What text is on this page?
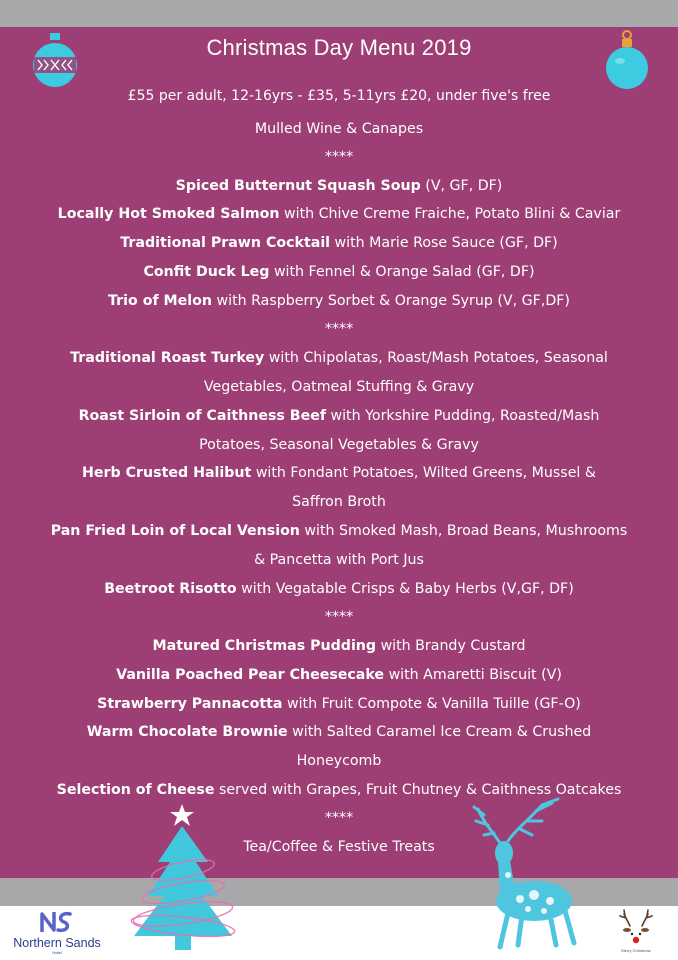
Christmas Day Menu 2019
£55 per adult, 12-16yrs - £35, 5-11yrs £20, under five's free
Mulled Wine & Canapes
****
Spiced Butternut Squash Soup (V, GF, DF)
Locally Hot Smoked Salmon with Chive Creme Fraiche, Potato Blini & Caviar
Traditional Prawn Cocktail with Marie Rose Sauce (GF, DF)
Confit Duck Leg with Fennel & Orange Salad (GF, DF)
Trio of Melon with Raspberry Sorbet & Orange Syrup (V, GF,DF)
****
Traditional Roast Turkey with Chipolatas, Roast/Mash Potatoes, Seasonal
Vegetables, Oatmeal Stuffing & Gravy
Roast Sirloin of Caithness Beef with Yorkshire Pudding, Roasted/Mash
Potatoes, Seasonal Vegetables & Gravy
Herb Crusted Halibut with Fondant Potatoes, Wilted Greens, Mussel &
Saffron Broth
Pan Fried Loin of Local Vension with Smoked Mash, Broad Beans, Mushrooms
& Pancetta with Port Jus
Beetroot Risotto with Vegatable Crisps & Baby Herbs (V,GF, DF)
****
Matured Christmas Pudding with Brandy Custard
Vanilla Poached Pear Cheesecake with Amaretti Biscuit (V)
Strawberry Pannacotta with Fruit Compote & Vanilla Tuille (GF-O)
Warm Chocolate Brownie with Salted Caramel Ice Cream & Crushed
Honeycomb
Selection of Cheese served with Grapes, Fruit Chutney & Caithness Oatcakes
****
Tea/Coffee & Festive Treats
Northern Sands
Hotel	Merry Christmas
